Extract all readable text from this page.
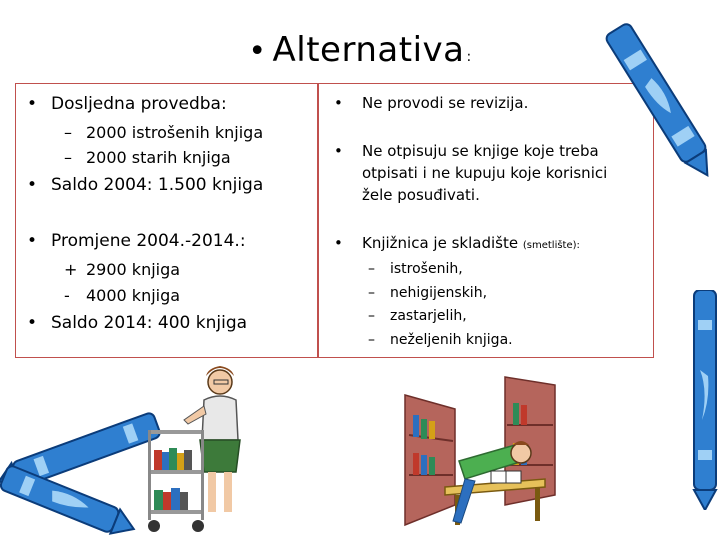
• Alternativa :
• Dosljedna provedba:
– 2000 istrošenih knjiga
– 2000 starih knjiga
• Saldo 2004: 1.500 knjiga
• Promjene 2004.-2014.:
+ 2900 knjiga
- 4000 knjiga
• Saldo 2014: 400 knjiga
• Ne provodi se revizija.
• Ne otpisuju se knjige koje treba
otpisati i ne kupuju koje korisnici
žele posuđivati.
• Knjižnica je skladište (smetlište):
– istrošenih,
– nehigijenskih,
– zastarjelih,
– neželjenih knjiga.
